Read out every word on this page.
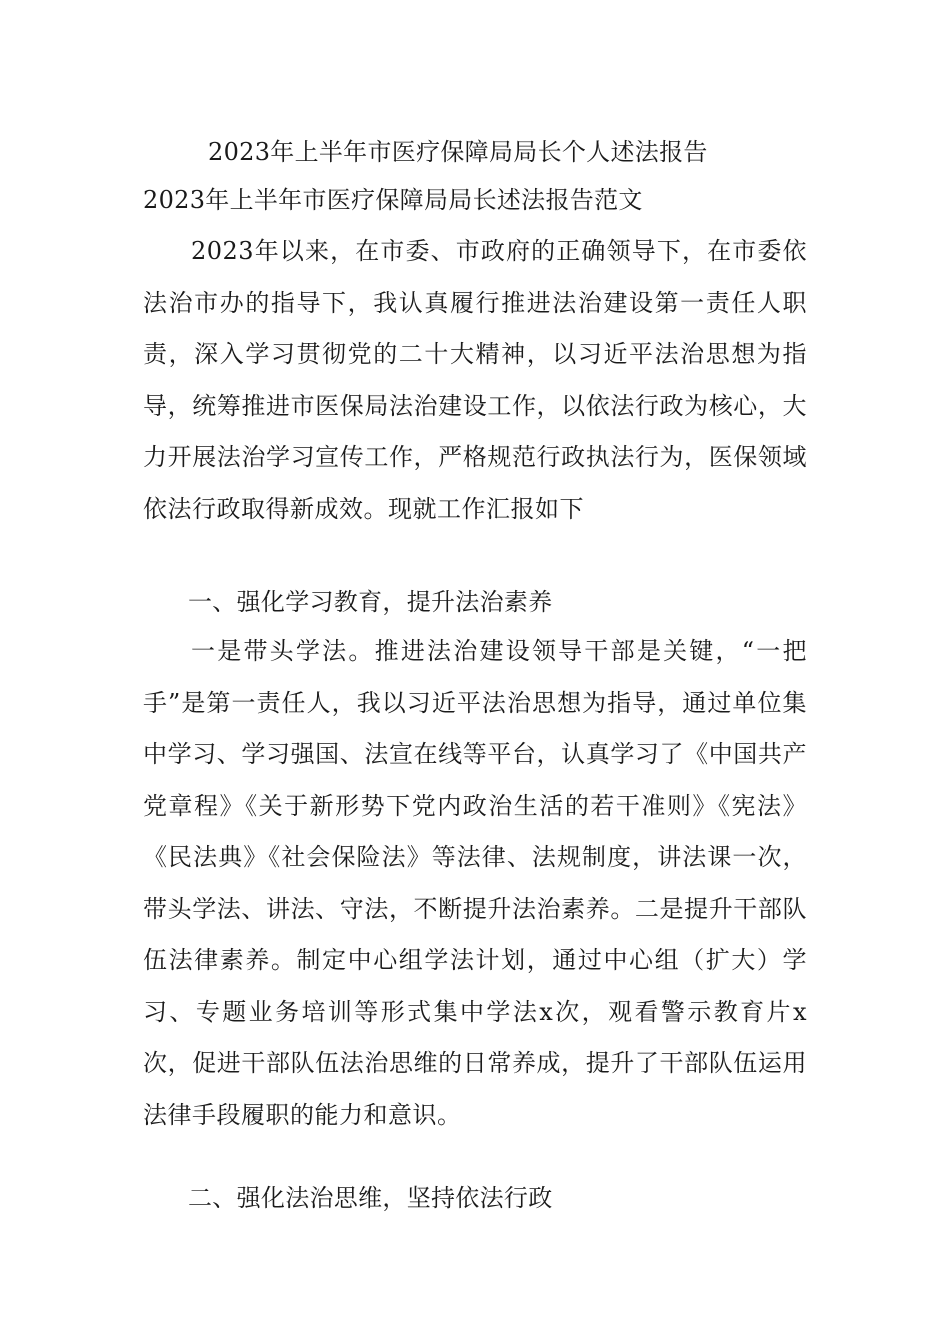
2023年上半年市医疗保障局局长个人述法报告
2023年上半年市医疗保障局局长述法报告范文

2023年以来，在市委、市政府的正确领导下，在市委依法治市办的指导下，我认真履行推进法治建设第一责任人职责，深入学习贯彻党的二十大精神，以习近平法治思想为指导，统筹推进市医保局法治建设工作，以依法行政为核心，大力开展法治学习宣传工作，严格规范行政执法行为，医保领域依法行政取得新成效。现就工作汇报如下

一、强化学习教育，提升法治素养

一是带头学法。推进法治建设领导干部是关键，“一把手”是第一责任人，我以习近平法治思想为指导，通过单位集中学习、学习强国、法宣在线等平台，认真学习了《中国共产党章程》《关于新形势下党内政治生活的若干准则》《宪法》《民法典》《社会保险法》等法律、法规制度，讲法课一次，带头学法、讲法、守法，不断提升法治素养。二是提升干部队伍法律素养。制定中心组学法计划，通过中心组（扩大）学习、专题业务培训等形式集中学法x次，观看警示教育片x次，促进干部队伍法治思维的日常养成，提升了干部队伍运用法律手段履职的能力和意识。

二、强化法治思维，坚持依法行政
